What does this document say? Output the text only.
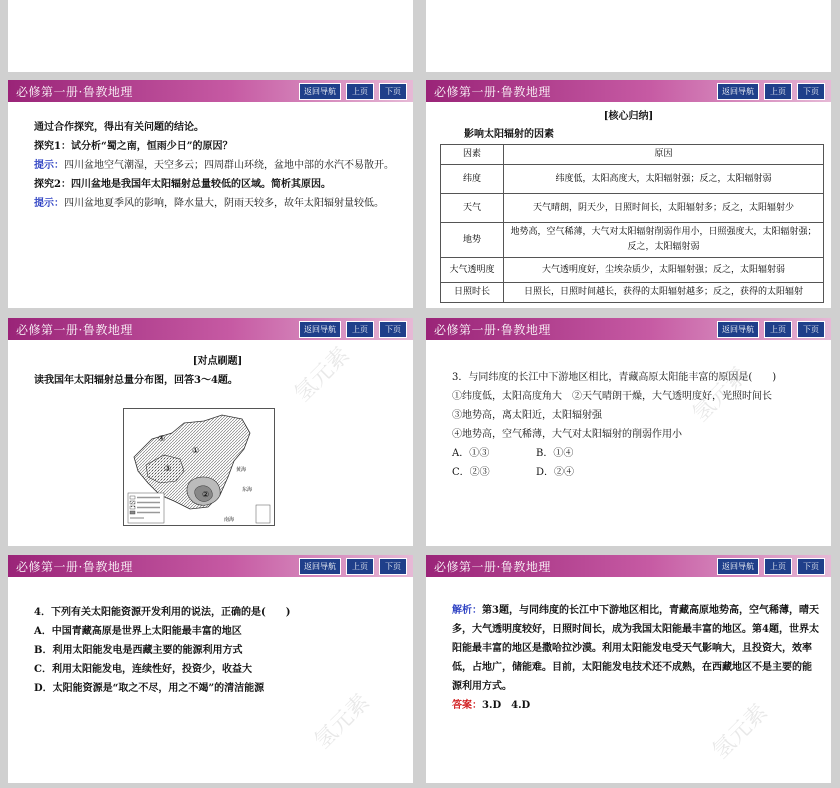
必修第一册·鲁教地理	返回导航	上页	下页
通过合作探究，得出有关问题的结论。
探究1：试分析“蜀之南，恒雨少日”的原因？
提示：四川盆地空气潮湿，天空多云；四周群山环绕，盆地中部的水汽不易散开。
探究2：四川盆地是我国年太阳辐射总量较低的区域。简析其原因。
提示：四川盆地夏季风的影响，降水量大，阴雨天较多，故年太阳辐射量较低。
必修第一册·鲁教地理	返回导航	上页	下页
[核心归纳]
影响太阳辐射的因素
因素	原因
纬度	纬度低，太阳高度大，太阳辐射强；反之，太阳辐射弱
天气	天气晴朗，阴天少，日照时间长，太阳辐射多；反之，太阳辐射少
地势	地势高，空气稀薄，大气对太阳辐射削弱作用小，日照强度大，太阳辐射强；反之，太阳辐射弱
大气透明度	大气透明度好，尘埃杂质少，太阳辐射强；反之，太阳辐射弱
日照时长	日照长，日照时间越长，获得的太阳辐射越多；反之，获得的太阳辐射
必修第一册·鲁教地理	返回导航	上页	下页
[对点刷题]
读我国年太阳辐射总量分布图，回答3～4题。
④
③
①
②
黄海
东海
南海
氢元素
必修第一册·鲁教地理	返回导航	上页	下页
3．与同纬度的长江中下游地区相比，青藏高原太阳能丰富的原因是(　　)
①纬度低，太阳高度角大　②天气晴朗干燥，大气透明度好，光照时间长
③地势高，离太阳近，太阳辐射强
④地势高，空气稀薄，大气对太阳辐射的削弱作用小
A．①③	B．①④
C．②③	D．②④
氢元素
必修第一册·鲁教地理	返回导航	上页	下页
4．下列有关太阳能资源开发利用的说法，正确的是(　　)
A．中国青藏高原是世界上太阳能最丰富的地区
B．利用太阳能发电是西藏主要的能源利用方式
C．利用太阳能发电，连续性好，投资少，收益大
D．太阳能资源是“取之不尽，用之不竭”的清洁能源
氢元素
必修第一册·鲁教地理	返回导航	上页	下页
解析：第3题，与同纬度的长江中下游地区相比，青藏高原地势高，空气稀薄，晴天多，大气透明度较好，日照时间长，成为我国太阳能最丰富的地区。第4题，世界太阳能最丰富的地区是撒哈拉沙漠。利用太阳能发电受天气影响大，且投资大，效率低，占地广，储能难。目前，太阳能发电技术还不成熟，在西藏地区不是主要的能源利用方式。
答案：3.D　4.D	氢元素
